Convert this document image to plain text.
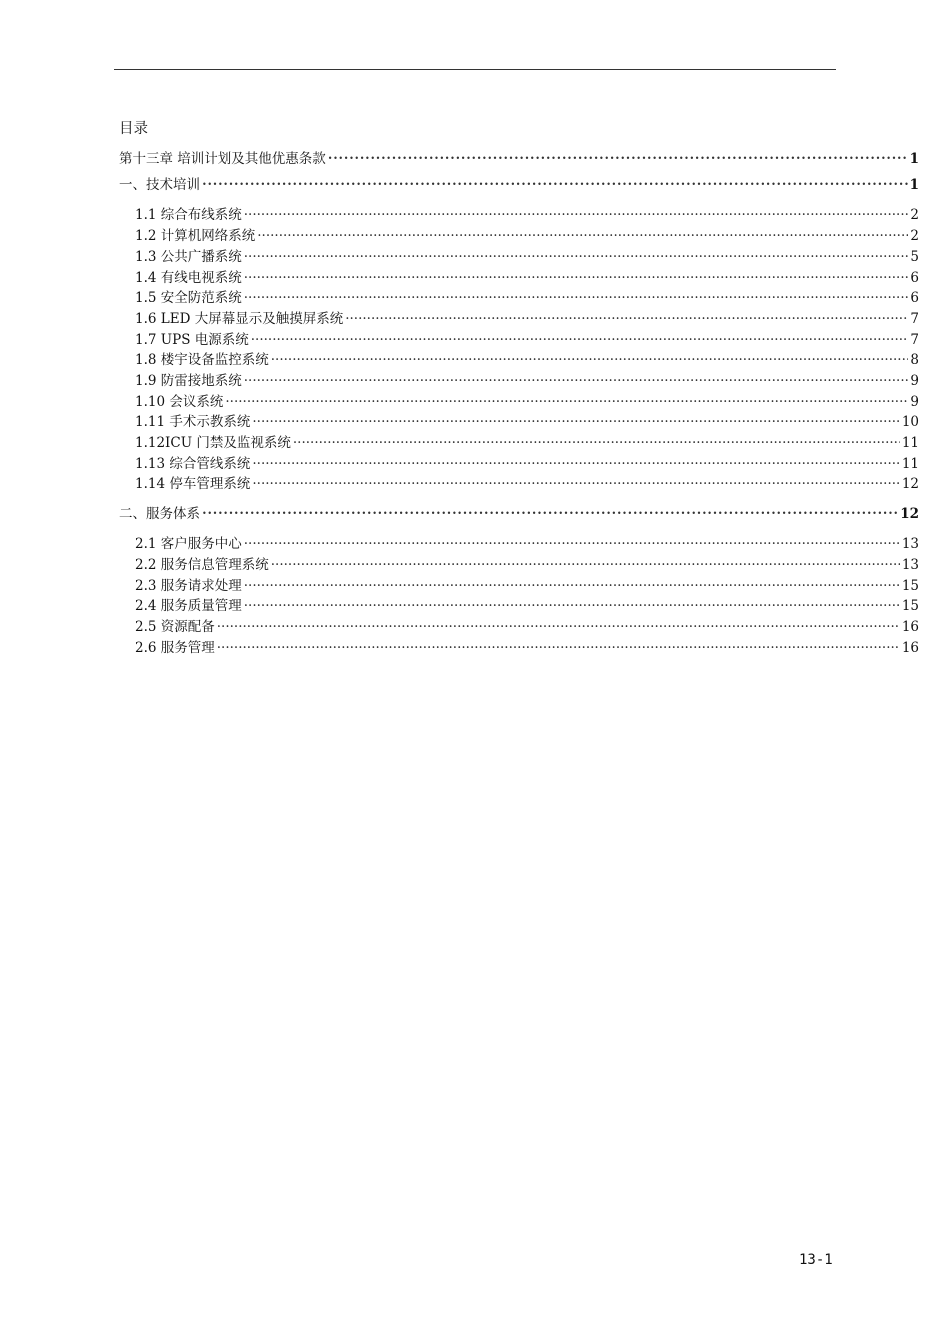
目录
第十三章 培训计划及其他优惠条款 •••••	1
一、技术培训 •••••	1
1.1 综合布线系统 ·····	2
1.2 计算机网络系统 ·····	2
1.3 公共广播系统 ·····	5
1.4 有线电视系统 ·····	6
1.5 安全防范系统 ·····	6
1.6 LED 大屏幕显示及触摸屏系统 ·····	7
1.7 UPS 电源系统 ·····	7
1.8 楼宇设备监控系统 ·····	8
1.9 防雷接地系统 ·····	9
1.10 会议系统 ·····	9
1.11 手术示教系统 ·····	10
1.12ICU 门禁及监视系统 ·····	11
1.13 综合管线系统 ·····	11
1.14 停车管理系统 ·····	12
二、服务体系 •••••	12
2.1 客户服务中心 ·····	13
2.2 服务信息管理系统 ·····	13
2.3 服务请求处理 ·····	15
2.4 服务质量管理 ·····	15
2.5 资源配备 ·····	16
2.6 服务管理 ·····	16
13-1
